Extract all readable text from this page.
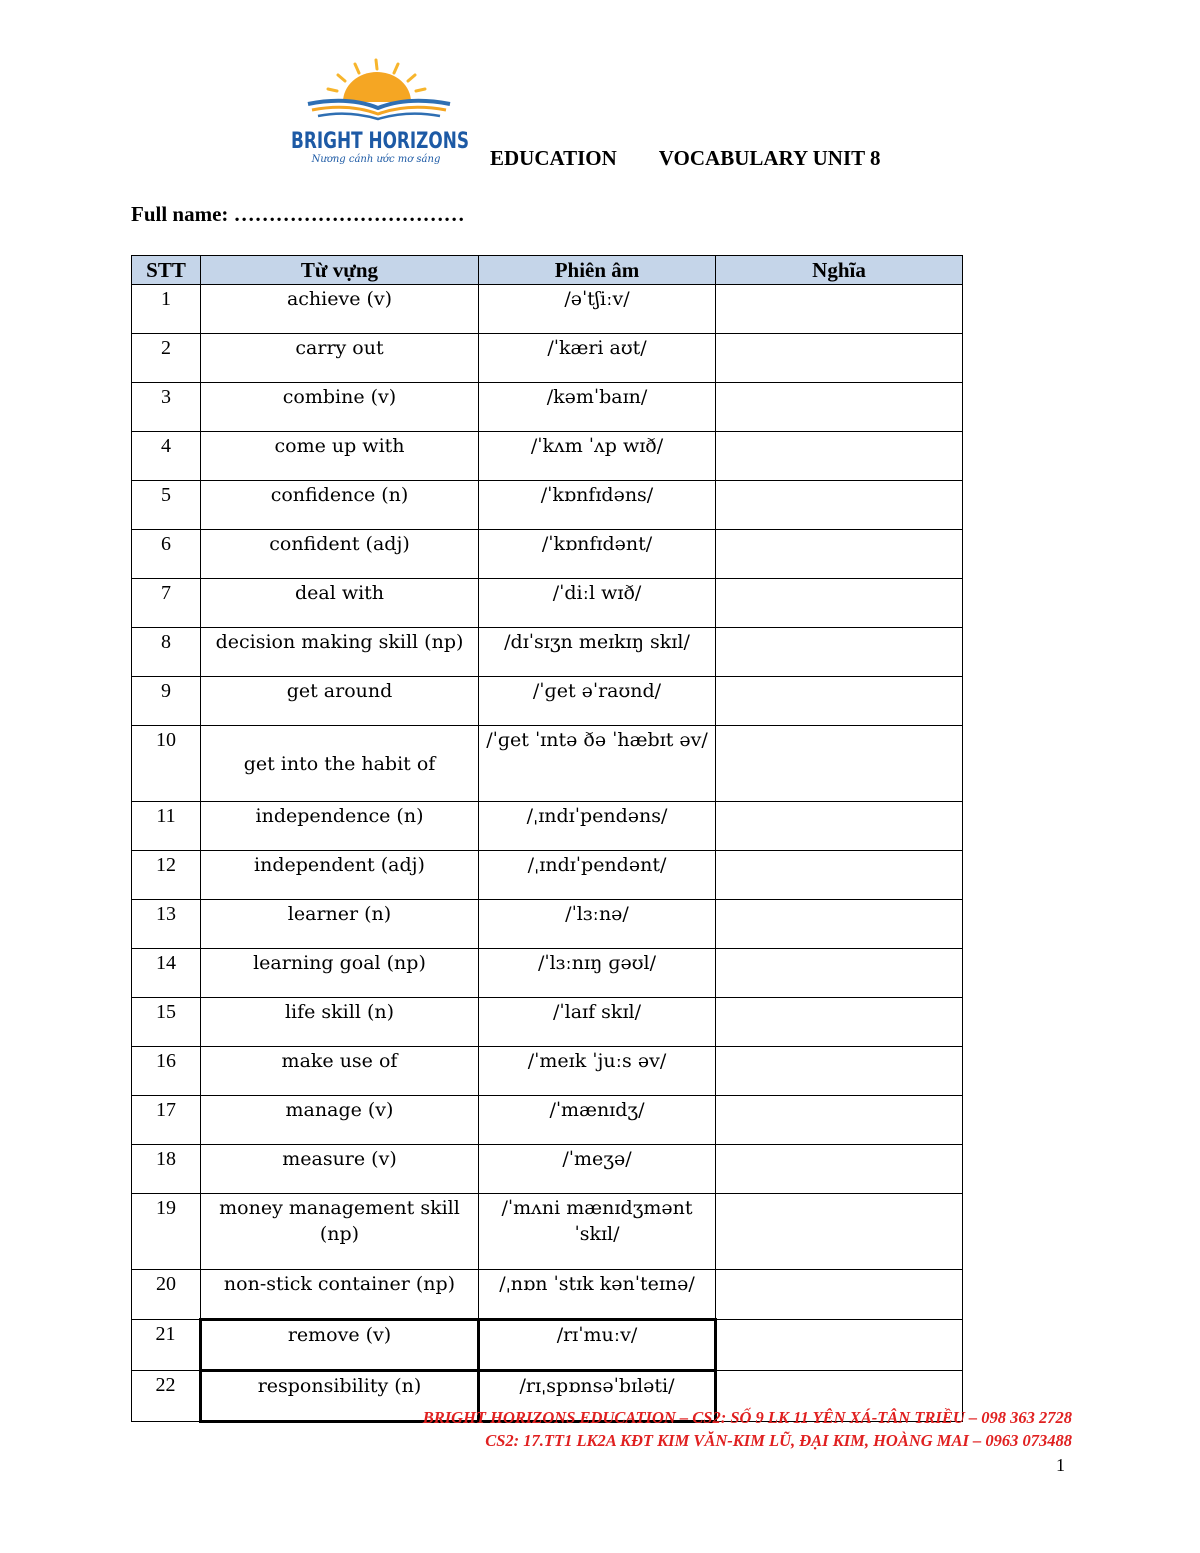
BRIGHT HORIZONS
Nương cánh ước mơ sáng EDUCATION VOCABULARY UNIT 8
Full name: ……………………………
STT	Từ vựng	Phiên âm	Nghĩa
1	achieve (v)	/əˈtʃiːv/	
2	carry out	/ˈkæri aʊt/	
3	combine (v)	/kəmˈbaɪn/	
4	come up with	/ˈkʌm ˈʌp wɪð/	
5	confidence (n)	/ˈkɒnfɪdəns/	
6	confident (adj)	/ˈkɒnfɪdənt/	
7	deal with	/ˈdiːl wɪð/	
8	decision making skill (np)	/dɪˈsɪʒn meɪkɪŋ skɪl/	
9	get around	/ˈɡet əˈraʊnd/	
10	get into the habit of	/ˈɡet ˈɪntə ðə ˈhæbɪt əv/	
11	independence (n)	/ˌɪndɪˈpendəns/	
12	independent (adj)	/ˌɪndɪˈpendənt/	
13	learner (n)	/ˈlɜːnə/	
14	learning goal (np)	/ˈlɜːnɪŋ ɡəʊl/	
15	life skill (n)	/ˈlaɪf skɪl/	
16	make use of	/ˈmeɪk ˈjuːs əv/	
17	manage (v)	/ˈmænɪdʒ/	
18	measure (v)	/ˈmeʒə/	
19	money management skill (np)	/ˈmʌni mænɪdʒmənt ˈskɪl/	
20	non-stick container (np)	/ˌnɒn ˈstɪk kənˈteɪnə/	
21	remove (v)	/rɪˈmuːv/	
22	responsibility (n)	/rɪˌspɒnsəˈbɪləti/	
BRIGHT HORIZONS EDUCATION – CS2: SỐ 9 LK 11 YÊN XÁ-TÂN TRIỀU – 098 363 2728
CS2: 17.TT1 LK2A KĐT KIM VĂN-KIM LŨ, ĐẠI KIM, HOÀNG MAI – 0963 073488
1
